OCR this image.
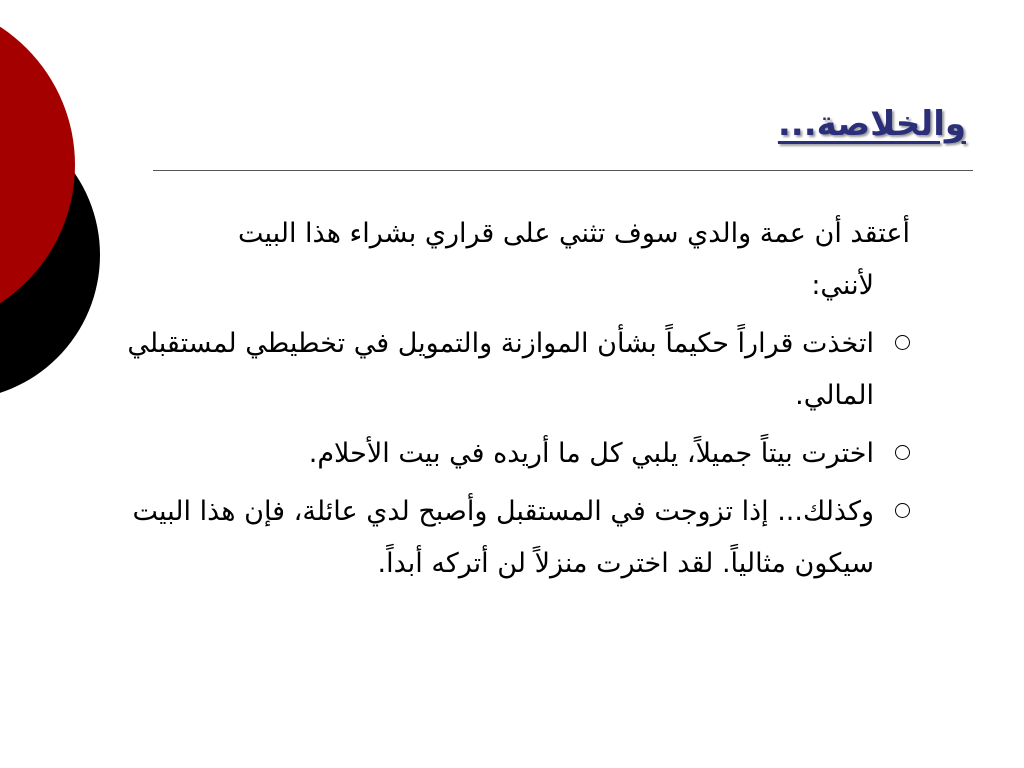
والخلاصة...

أعتقد أن عمة والدي سوف تثني على قراري بشراء هذا البيت
لأنني:

اتخذت قراراً حكيماً بشأن الموازنة والتمويل في تخطيطي لمستقبلي المالي.
اخترت بيتاً جميلاً، يلبي كل ما أريده في بيت الأحلام.
وكذلك... إذا تزوجت في المستقبل وأصبح لدي عائلة، فإن هذا البيت سيكون مثالياً. لقد اخترت منزلاً لن أتركه أبداً.
